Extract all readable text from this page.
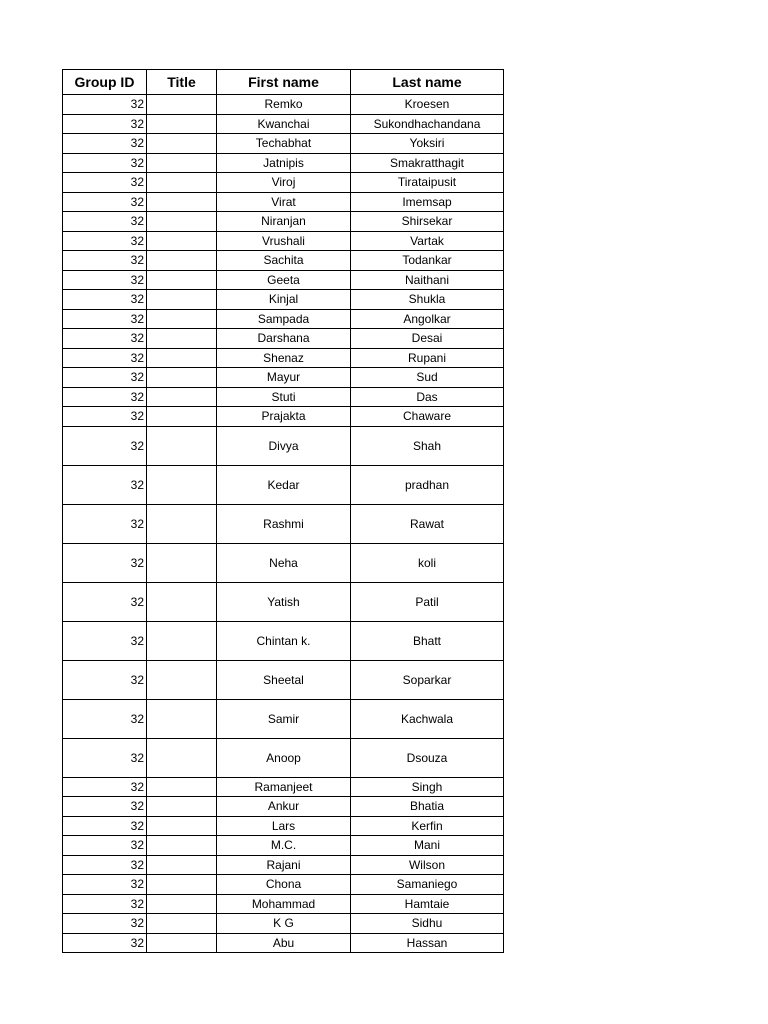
Group ID	Title	First name	Last name
32		Remko	Kroesen
32		Kwanchai	Sukondhachandana
32		Techabhat	Yoksiri
32		Jatnipis	Smakratthagit
32		Viroj	Tirataipusit
32		Virat	Imemsap
32		Niranjan	Shirsekar
32		Vrushali	Vartak
32		Sachita	Todankar
32		Geeta	Naithani
32		Kinjal	Shukla
32		Sampada	Angolkar
32		Darshana	Desai
32		Shenaz	Rupani
32		Mayur	Sud
32		Stuti	Das
32		Prajakta	Chaware
32		Divya	Shah
32		Kedar	pradhan
32		Rashmi	Rawat
32		Neha	koli
32		Yatish	Patil
32		Chintan k.	Bhatt
32		Sheetal	Soparkar
32		Samir	Kachwala
32		Anoop	Dsouza
32		Ramanjeet	Singh
32		Ankur	Bhatia
32		Lars	Kerfin
32		M.C.	Mani
32		Rajani	Wilson
32		Chona	Samaniego
32		Mohammad	Hamtaie
32		K G	Sidhu
32		Abu	Hassan
